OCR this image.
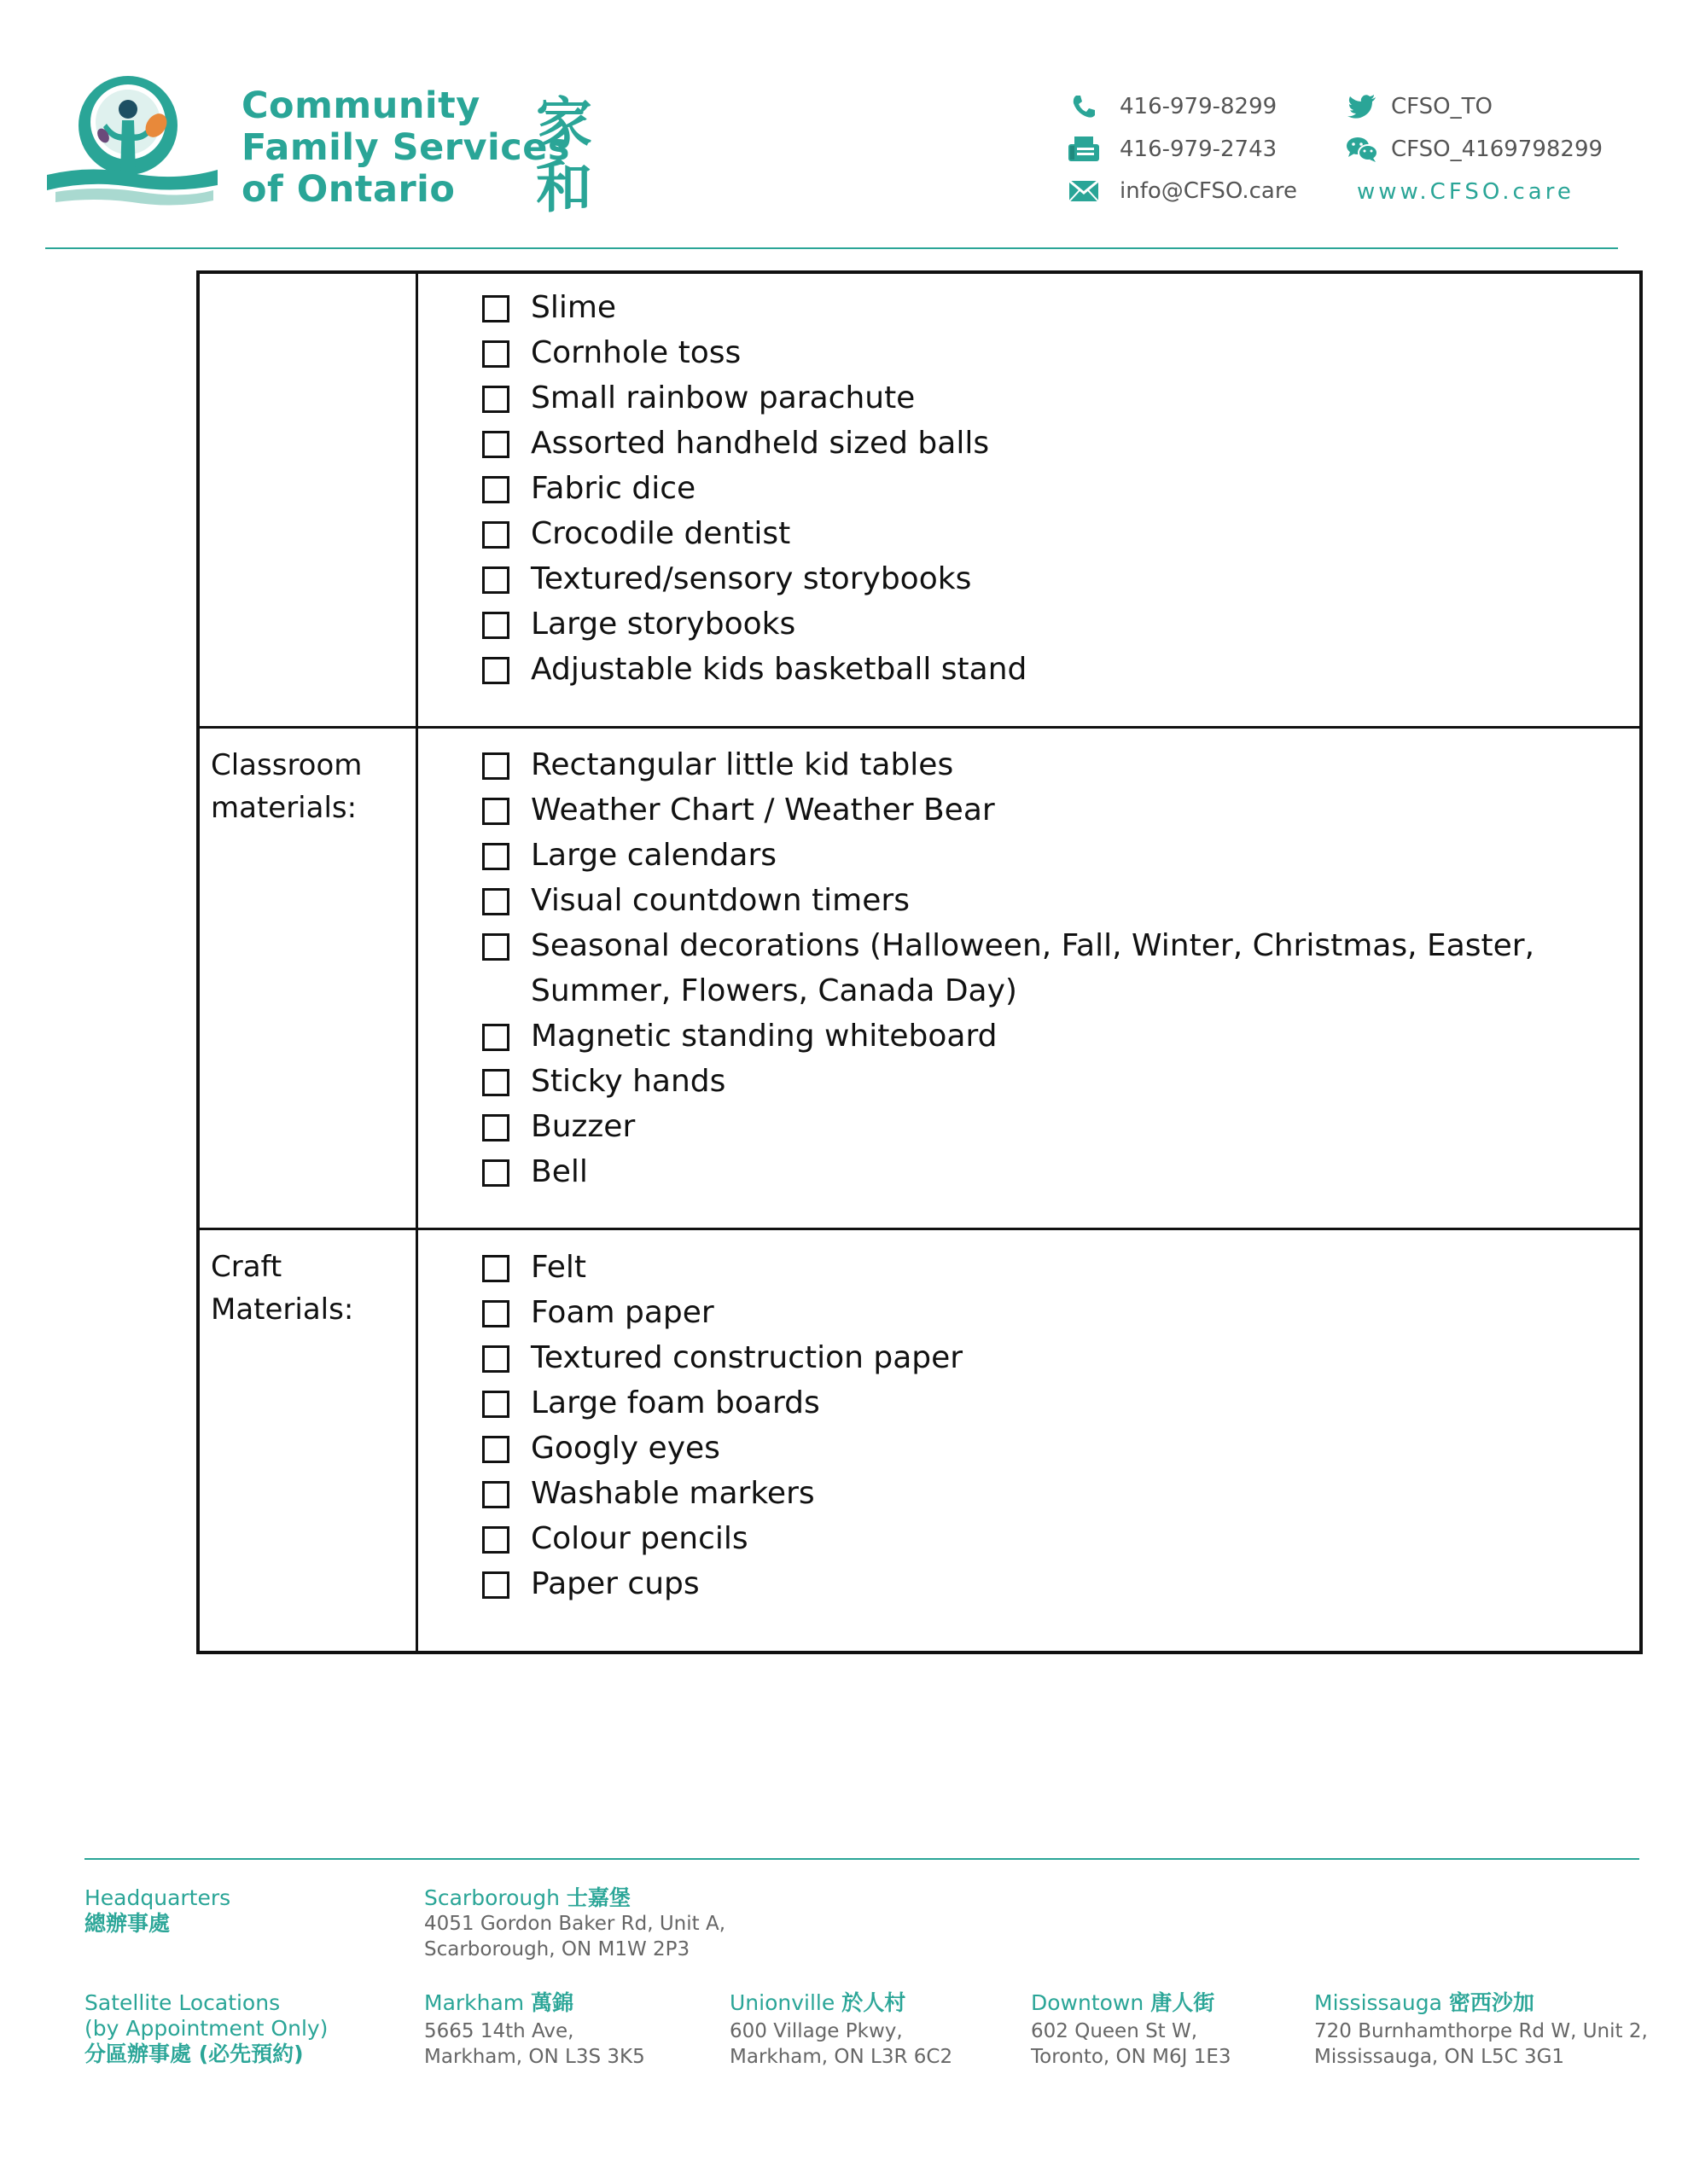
Community
Family Services
of Ontario
家
和
416-979-8299
416-979-2743
info@CFSO.care
CFSO_TO
CFSO_4169798299
www.CFSO.care
Slime
Cornhole toss
Small rainbow parachute
Assorted handheld sized balls
Fabric dice
Crocodile dentist
Textured/sensory storybooks
Large storybooks
Adjustable kids basketball stand
Classroom
materials:
Rectangular little kid tables
Weather Chart / Weather Bear
Large calendars
Visual countdown timers
Seasonal decorations (Halloween, Fall, Winter, Christmas, Easter, Summer, Flowers, Canada Day)
Magnetic standing whiteboard
Sticky hands
Buzzer
Bell
Craft
Materials:
Felt
Foam paper
Textured construction paper
Large foam boards
Googly eyes
Washable markers
Colour pencils
Paper cups
Headquarters
總辦事處
Scarborough 士嘉堡
4051 Gordon Baker Rd, Unit A,
Scarborough, ON M1W 2P3
Satellite Locations
(by Appointment Only)
分區辦事處 (必先預約)
Markham 萬錦
5665 14th Ave,
Markham, ON L3S 3K5
Unionville 於人村
600 Village Pkwy,
Markham, ON L3R 6C2
Downtown 唐人街
602 Queen St W,
Toronto, ON M6J 1E3
Mississauga 密西沙加
720 Burnhamthorpe Rd W, Unit 2,
Mississauga, ON L5C 3G1
